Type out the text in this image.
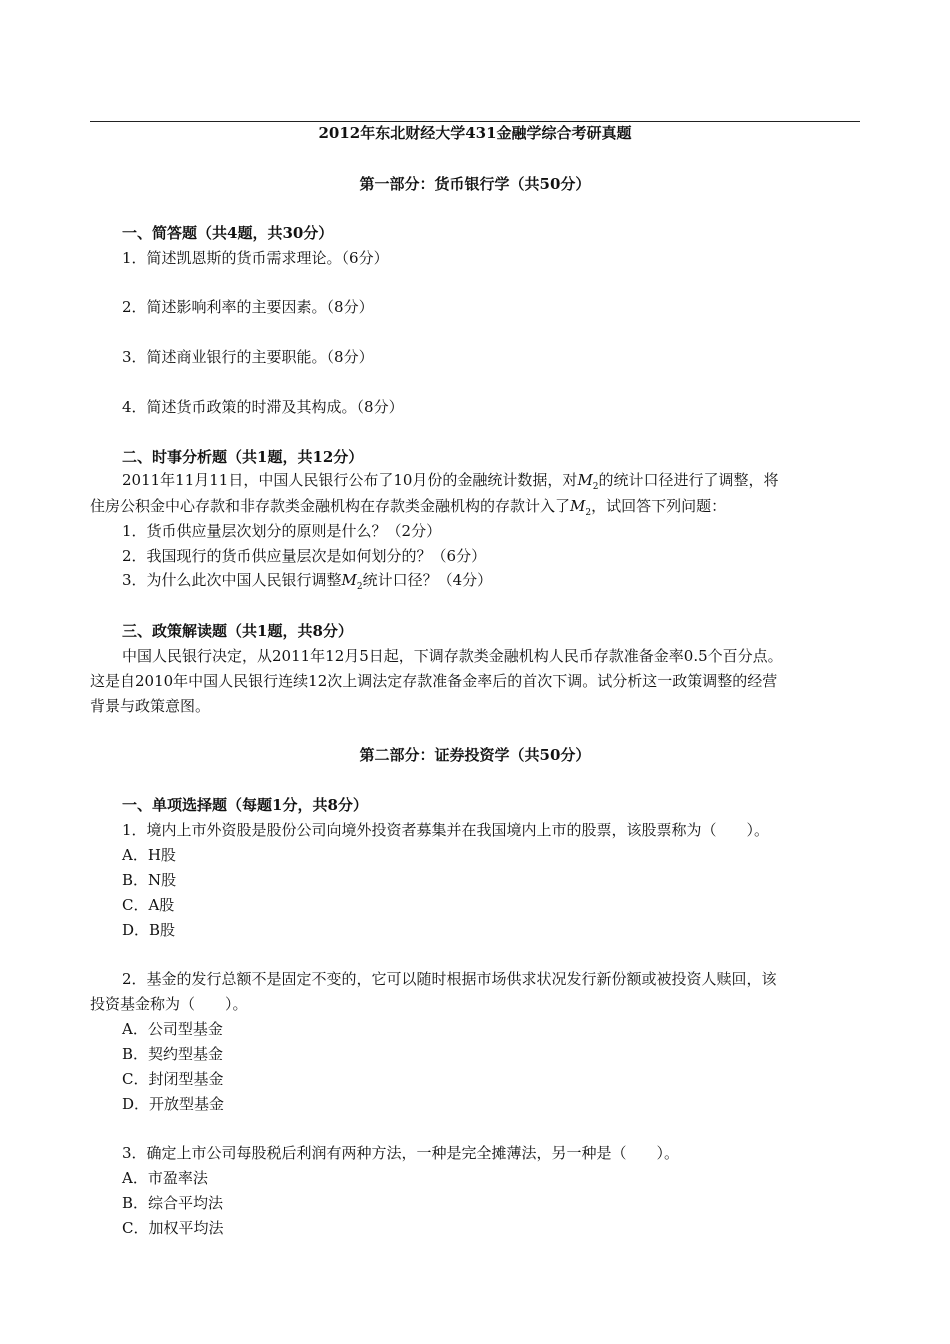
2012年东北财经大学431金融学综合考研真题
第一部分：货币银行学（共50分）
一、简答题（共4题，共30分）
1．简述凯恩斯的货币需求理论。（6分）
2．简述影响利率的主要因素。（8分）
3．简述商业银行的主要职能。（8分）
4．简述货币政策的时滞及其构成。（8分）
二、时事分析题（共1题，共12分）
2011年11月11日，中国人民银行公布了10月份的金融统计数据，对$M_2$的统计口径进行了调整，将
住房公积金中心存款和非存款类金融机构在存款类金融机构的存款计入了$M_2$，试回答下列问题：
1．货币供应量层次划分的原则是什么？（2分）
2．我国现行的货币供应量层次是如何划分的？（6分）
3．为什么此次中国人民银行调整$M_2$统计口径？（4分）
三、政策解读题（共1题，共8分）
中国人民银行决定，从2011年12月5日起，下调存款类金融机构人民币存款准备金率0.5个百分点。
这是自2010年中国人民银行连续12次上调法定存款准备金率后的首次下调。试分析这一政策调整的经营
背景与政策意图。
第二部分：证券投资学（共50分）
一、单项选择题（每题1分，共8分）
1．境内上市外资股是股份公司向境外投资者募集并在我国境内上市的股票，该股票称为（　　）。
A．H股
B．N股
C．A股
D．B股
2．基金的发行总额不是固定不变的，它可以随时根据市场供求状况发行新份额或被投资人赎回，该
投资基金称为（　　）。
A．公司型基金
B．契约型基金
C．封闭型基金
D．开放型基金
3．确定上市公司每股税后利润有两种方法，一种是完全摊薄法，另一种是（　　）。
A．市盈率法
B．综合平均法
C．加权平均法
